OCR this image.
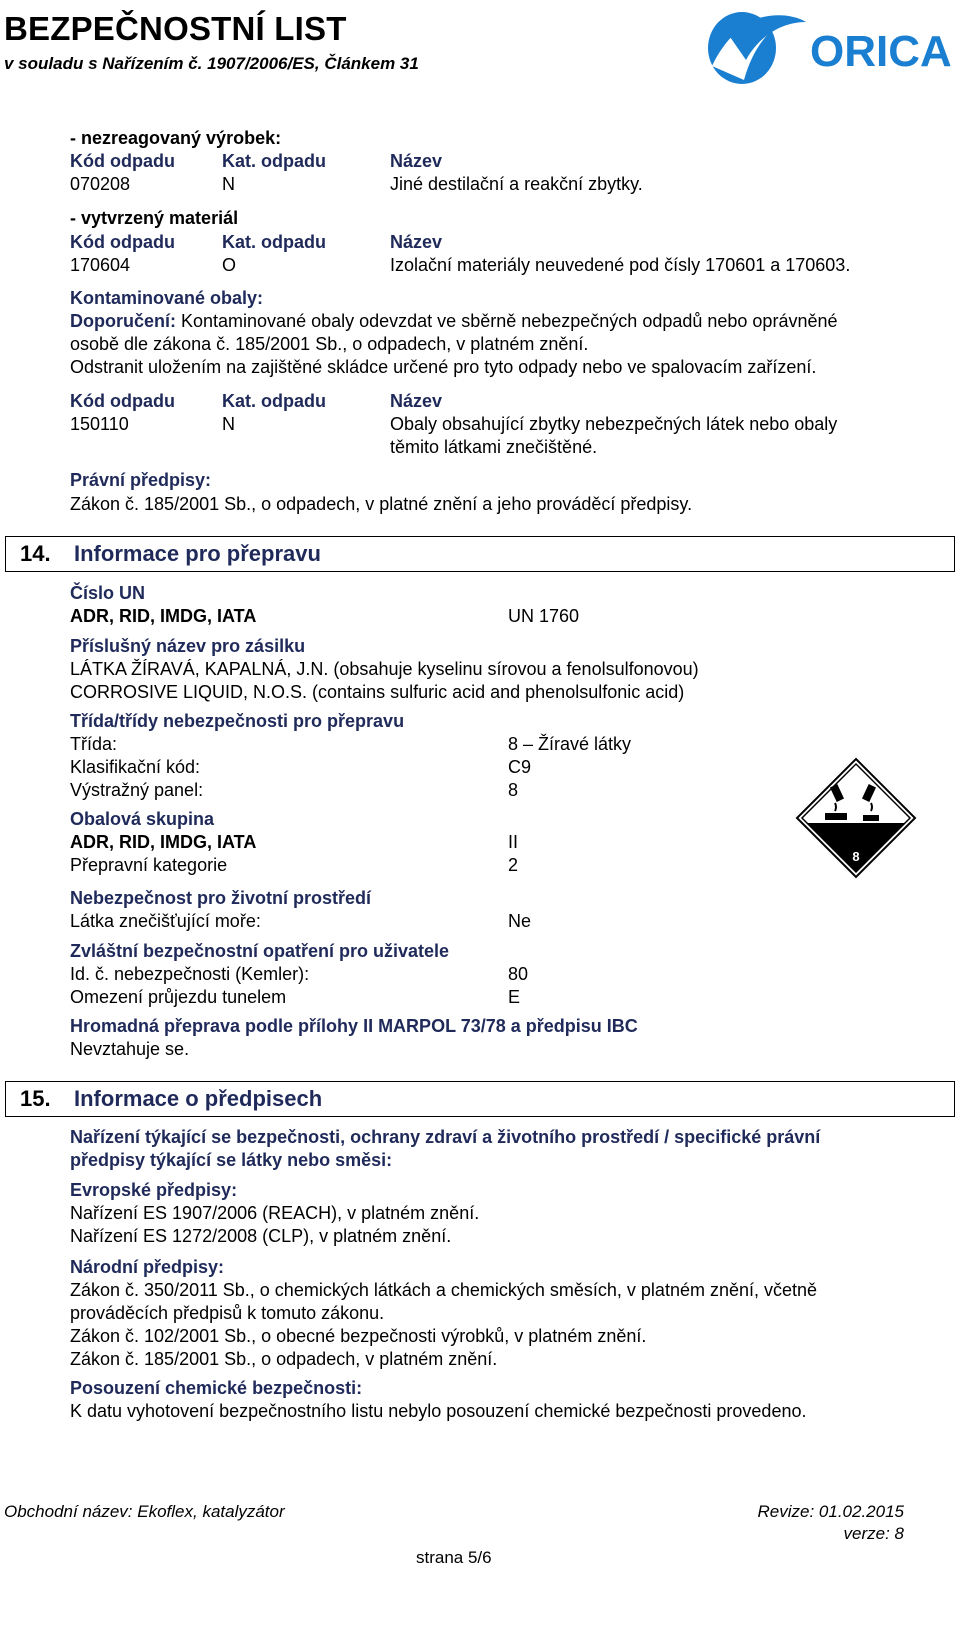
BEZPEČNOSTNÍ LIST
v souladu s Nařízením č. 1907/2006/ES, Článkem 31	ORICA
- nezreagovaný výrobek:
Kód odpadu	Kat. odpadu	Název
070208	N	Jiné destilační a reakční zbytky.
- vytvrzený materiál
Kód odpadu	Kat. odpadu	Název
170604	O	Izolační materiály neuvedené pod čísly 170601 a 170603.
Kontaminované obaly:
Doporučení: Kontaminované obaly odevzdat ve sběrně nebezpečných odpadů nebo oprávněné
osobě dle zákona č. 185/2001 Sb., o odpadech, v platném znění.
Odstranit uložením na zajištěné skládce určené pro tyto odpady nebo ve spalovacím zařízení.
Kód odpadu	Kat. odpadu	Název
150110	N	Obaly obsahující zbytky nebezpečných látek nebo obaly
těmito látkami znečištěné.
Právní předpisy:
Zákon č. 185/2001 Sb., o odpadech, v platné znění a jeho prováděcí předpisy.
14. Informace pro přepravu
Číslo UN
ADR, RID, IMDG, IATA	UN 1760
Příslušný název pro zásilku
LÁTKA ŽÍRAVÁ, KAPALNÁ, J.N. (obsahuje kyselinu sírovou a fenolsulfonovou)
CORROSIVE LIQUID, N.O.S. (contains sulfuric acid and phenolsulfonic acid)
Třída/třídy nebezpečnosti pro přepravu
Třída:	8 – Žíravé látky
Klasifikační kód:	C9
Výstražný panel:	8
Obalová skupina
ADR, RID, IMDG, IATA	II
Přepravní kategorie	2
Nebezpečnost pro životní prostředí
Látka znečišťující moře:	Ne
Zvláštní bezpečnostní opatření pro uživatele
Id. č. nebezpečnosti (Kemler):	80
Omezení průjezdu tunelem	E
Hromadná přeprava podle přílohy II MARPOL 73/78 a předpisu IBC
Nevztahuje se.
8
15. Informace o předpisech
Nařízení týkající se bezpečnosti, ochrany zdraví a životního prostředí / specifické právní
předpisy týkající se látky nebo směsi:
Evropské předpisy:
Nařízení ES 1907/2006 (REACH), v platném znění.
Nařízení ES 1272/2008 (CLP), v platném znění.
Národní předpisy:
Zákon č. 350/2011 Sb., o chemických látkách a chemických směsích, v platném znění, včetně
prováděcích předpisů k tomuto zákonu.
Zákon č. 102/2001 Sb., o obecné bezpečnosti výrobků, v platném znění.
Zákon č. 185/2001 Sb., o odpadech, v platném znění.
Posouzení chemické bezpečnosti:
K datu vyhotovení bezpečnostního listu nebylo posouzení chemické bezpečnosti provedeno.
Obchodní název: Ekoflex, katalyzátor	Revize: 01.02.2015
verze: 8
strana 5/6
